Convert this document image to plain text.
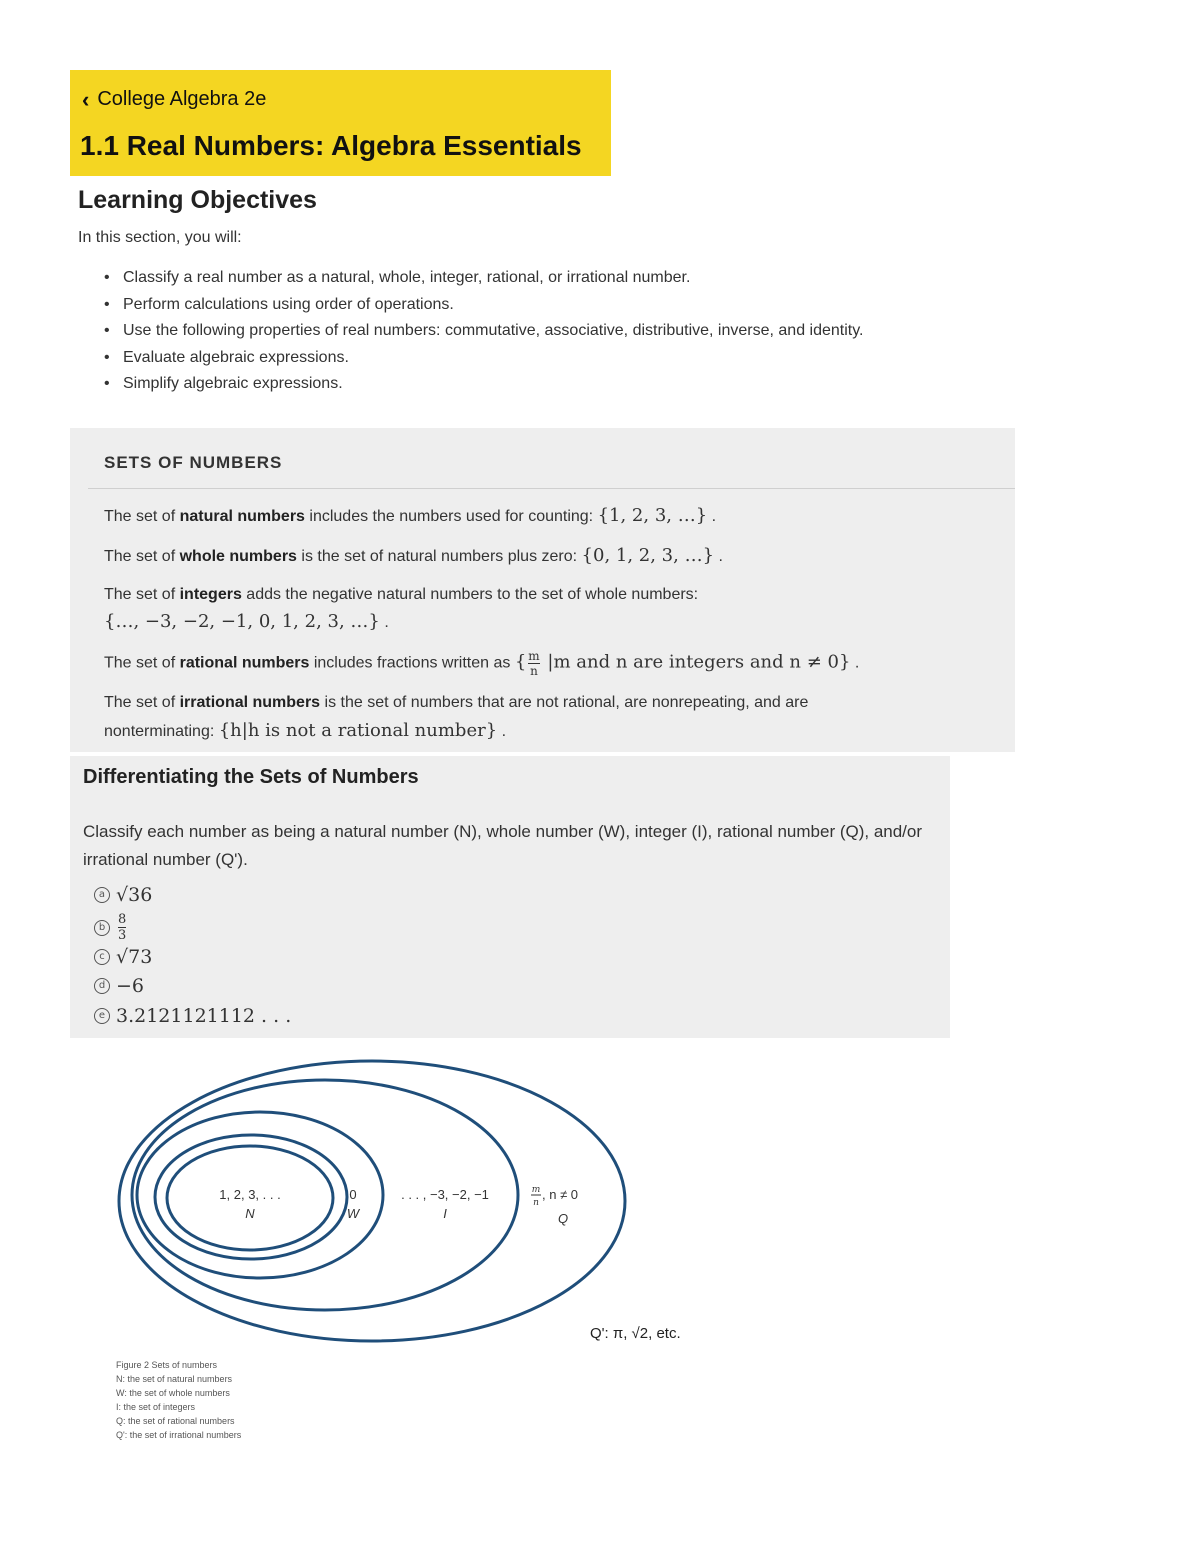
‹ College Algebra 2e
1.1 Real Numbers: Algebra Essentials
Learning Objectives
In this section, you will:
• Classify a real number as a natural, whole, integer, rational, or irrational number.
• Perform calculations using order of operations.
• Use the following properties of real numbers: commutative, associative, distributive, inverse, and identity.
• Evaluate algebraic expressions.
• Simplify algebraic expressions.
SETS OF NUMBERS
The set of natural numbers includes the numbers used for counting: {1, 2, 3, …} .
The set of whole numbers is the set of natural numbers plus zero: {0, 1, 2, 3, …} .
The set of integers adds the negative natural numbers to the set of whole numbers:
{…, −3, −2, −1, 0, 1, 2, 3, …} .
The set of rational numbers includes fractions written as { $\frac{m}{n} |m$ and n are integers and n ≠ 0} .
The set of irrational numbers is the set of numbers that are not rational, are nonrepeating, and are
nonterminating: {h|h is not a rational number} .
Differentiating the Sets of Numbers
Classify each number as being a natural number (N), whole number (W), integer (I), rational number (Q), and/or irrational number (Q').
a √36
b $\frac{8}{3}$
c √73
d −6
e 3.2121121112 . . .
1, 2, 3, . . .
N
0
W
. . . , −3, −2, −1
I
m
n
, n ≠ 0
Q
Q': π, √2, etc.
Figure 2 Sets of numbers
N: the set of natural numbers
W: the set of whole numbers
I: the set of integers
Q: the set of rational numbers
Q': the set of irrational numbers
